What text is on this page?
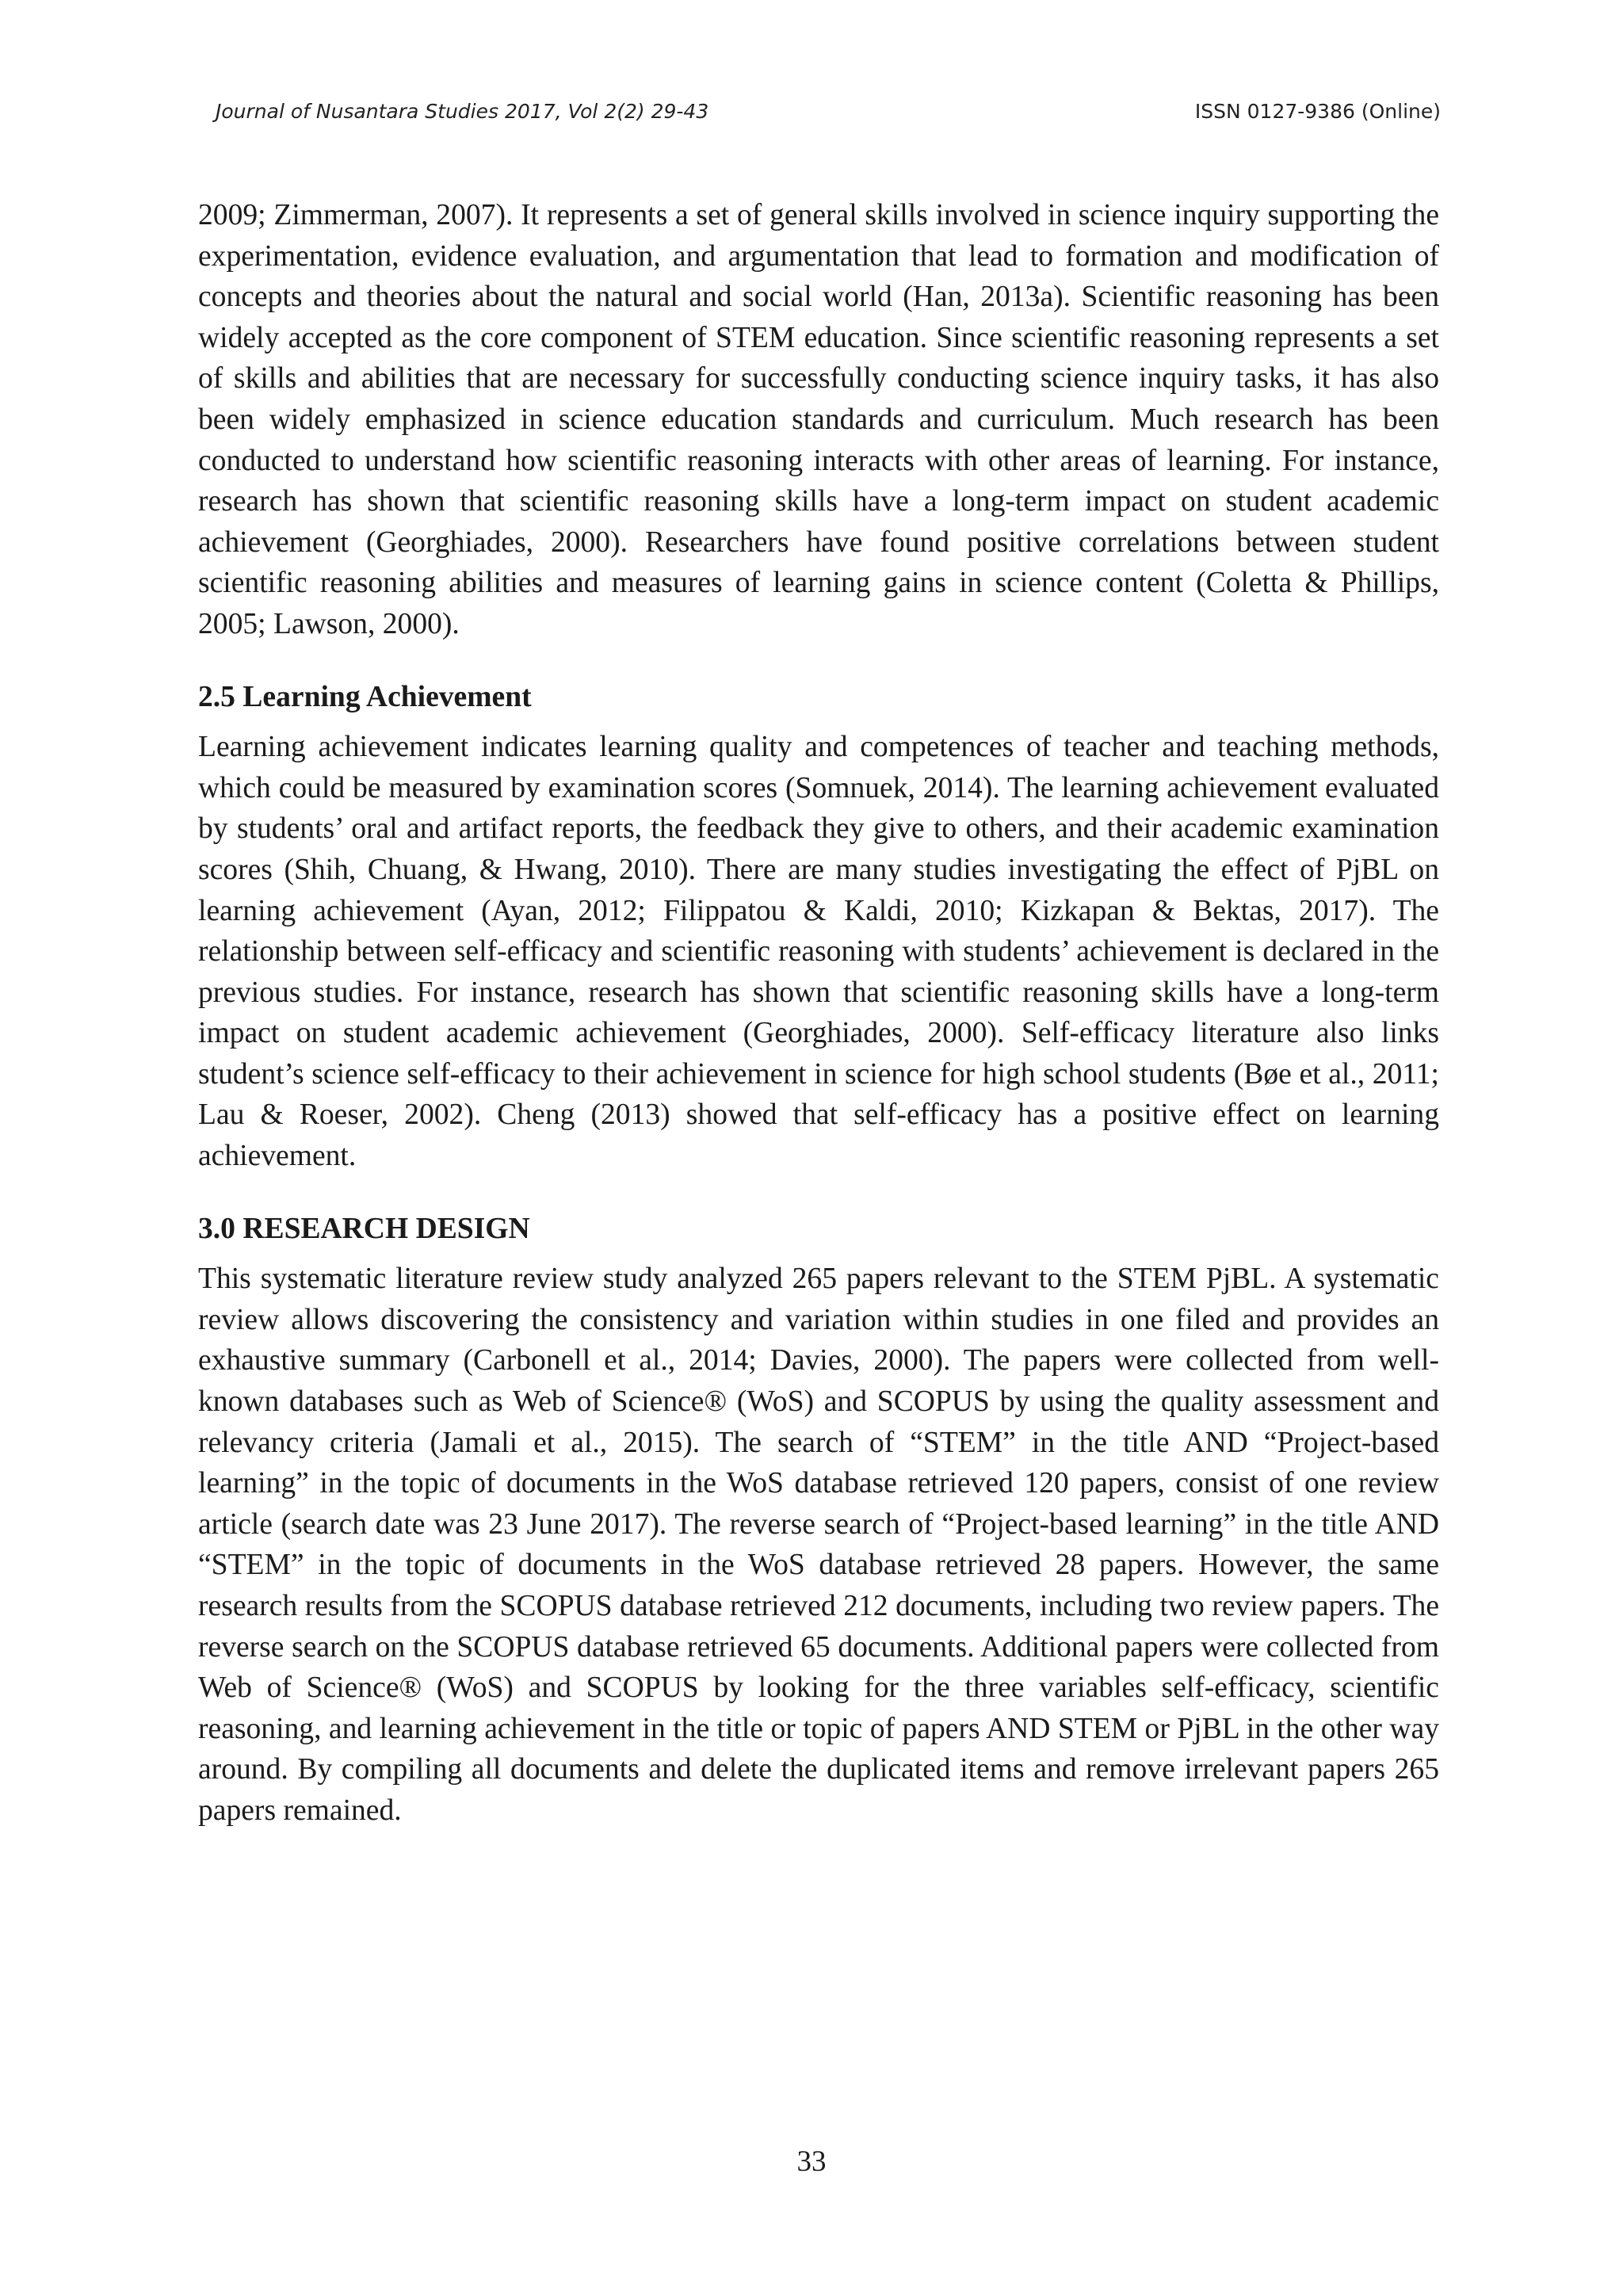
Journal of Nusantara Studies 2017, Vol 2(2) 29-43	ISSN 0127-9386 (Online)

2009; Zimmerman, 2007). It represents a set of general skills involved in science inquiry supporting the experimentation, evidence evaluation, and argumentation that lead to formation and modification of concepts and theories about the natural and social world (Han, 2013a). Scientific reasoning has been widely accepted as the core component of STEM education. Since scientific reasoning represents a set of skills and abilities that are necessary for successfully conducting science inquiry tasks, it has also been widely emphasized in science education standards and curriculum. Much research has been conducted to understand how scientific reasoning interacts with other areas of learning. For instance, research has shown that scientific reasoning skills have a long-term impact on student academic achievement (Georghiades, 2000). Researchers have found positive correlations between student scientific reasoning abilities and measures of learning gains in science content (Coletta & Phillips, 2005; Lawson, 2000).

2.5 Learning Achievement

Learning achievement indicates learning quality and competences of teacher and teaching methods, which could be measured by examination scores (Somnuek, 2014). The learning achievement evaluated by students’ oral and artifact reports, the feedback they give to others, and their academic examination scores (Shih, Chuang, & Hwang, 2010). There are many studies investigating the effect of PjBL on learning achievement (Ayan, 2012; Filippatou & Kaldi, 2010; Kizkapan & Bektas, 2017). The relationship between self-efficacy and scientific reasoning with students’ achievement is declared in the previous studies. For instance, research has shown that scientific reasoning skills have a long-term impact on student academic achievement (Georghiades, 2000). Self-efficacy literature also links student’s science self-efficacy to their achievement in science for high school students (Bøe et al., 2011; Lau & Roeser, 2002). Cheng (2013) showed that self-efficacy has a positive effect on learning achievement.

3.0 RESEARCH DESIGN

This systematic literature review study analyzed 265 papers relevant to the STEM PjBL. A systematic review allows discovering the consistency and variation within studies in one filed and provides an exhaustive summary (Carbonell et al., 2014; Davies, 2000). The papers were collected from well-known databases such as Web of Science® (WoS) and SCOPUS by using the quality assessment and relevancy criteria (Jamali et al., 2015). The search of “STEM” in the title AND “Project-based learning” in the topic of documents in the WoS database retrieved 120 papers, consist of one review article (search date was 23 June 2017). The reverse search of “Project-based learning” in the title AND “STEM” in the topic of documents in the WoS database retrieved 28 papers. However, the same research results from the SCOPUS database retrieved 212 documents, including two review papers. The reverse search on the SCOPUS database retrieved 65 documents. Additional papers were collected from Web of Science® (WoS) and SCOPUS by looking for the three variables self-efficacy, scientific reasoning, and learning achievement in the title or topic of papers AND STEM or PjBL in the other way around. By compiling all documents and delete the duplicated items and remove irrelevant papers 265 papers remained.

33
